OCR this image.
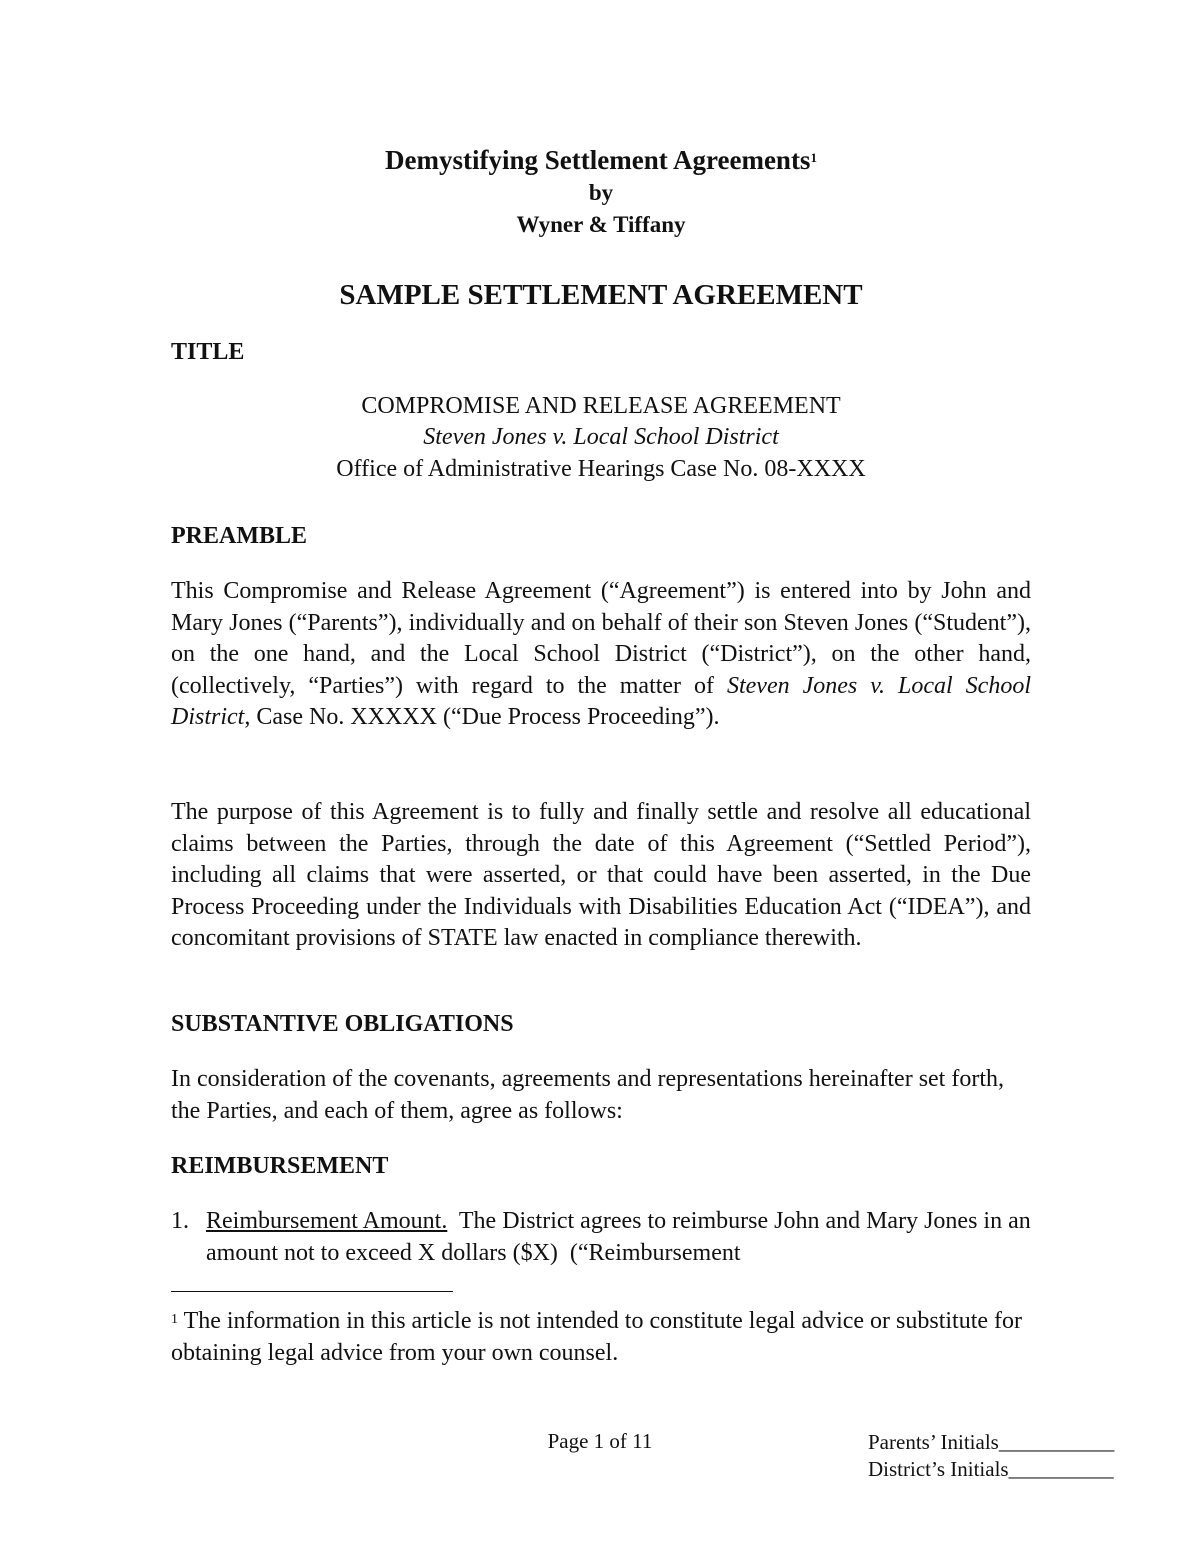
Demystifying Settlement Agreements$^1$
by
Wyner & Tiffany
SAMPLE SETTLEMENT AGREEMENT
TITLE
COMPROMISE AND RELEASE AGREEMENT
Steven Jones v. Local School District
Office of Administrative Hearings Case No. 08-XXXX
PREAMBLE
This Compromise and Release Agreement (“Agreement”) is entered into by John and Mary Jones (“Parents”), individually and on behalf of their son Steven Jones (“Student”), on the one hand, and the Local School District (“District”), on the other hand, (collectively, “Parties”) with regard to the matter of Steven Jones v. Local School District, Case No. XXXXX (“Due Process Proceeding”).
The purpose of this Agreement is to fully and finally settle and resolve all educational claims between the Parties, through the date of this Agreement (“Settled Period”), including all claims that were asserted, or that could have been asserted, in the Due Process Proceeding under the Individuals with Disabilities Education Act (“IDEA”), and concomitant provisions of STATE law enacted in compliance therewith.
SUBSTANTIVE OBLIGATIONS
In consideration of the covenants, agreements and representations hereinafter set forth, the Parties, and each of them, agree as follows:
REIMBURSEMENT
1. Reimbursement Amount.  The District agrees to reimburse John and Mary Jones in an amount not to exceed X dollars ($X)  (“Reimbursement
$^1$ The information in this article is not intended to constitute legal advice or substitute for obtaining legal advice from your own counsel.
Page 1 of 11	Parents’ Initials___________
District’s Initials__________
